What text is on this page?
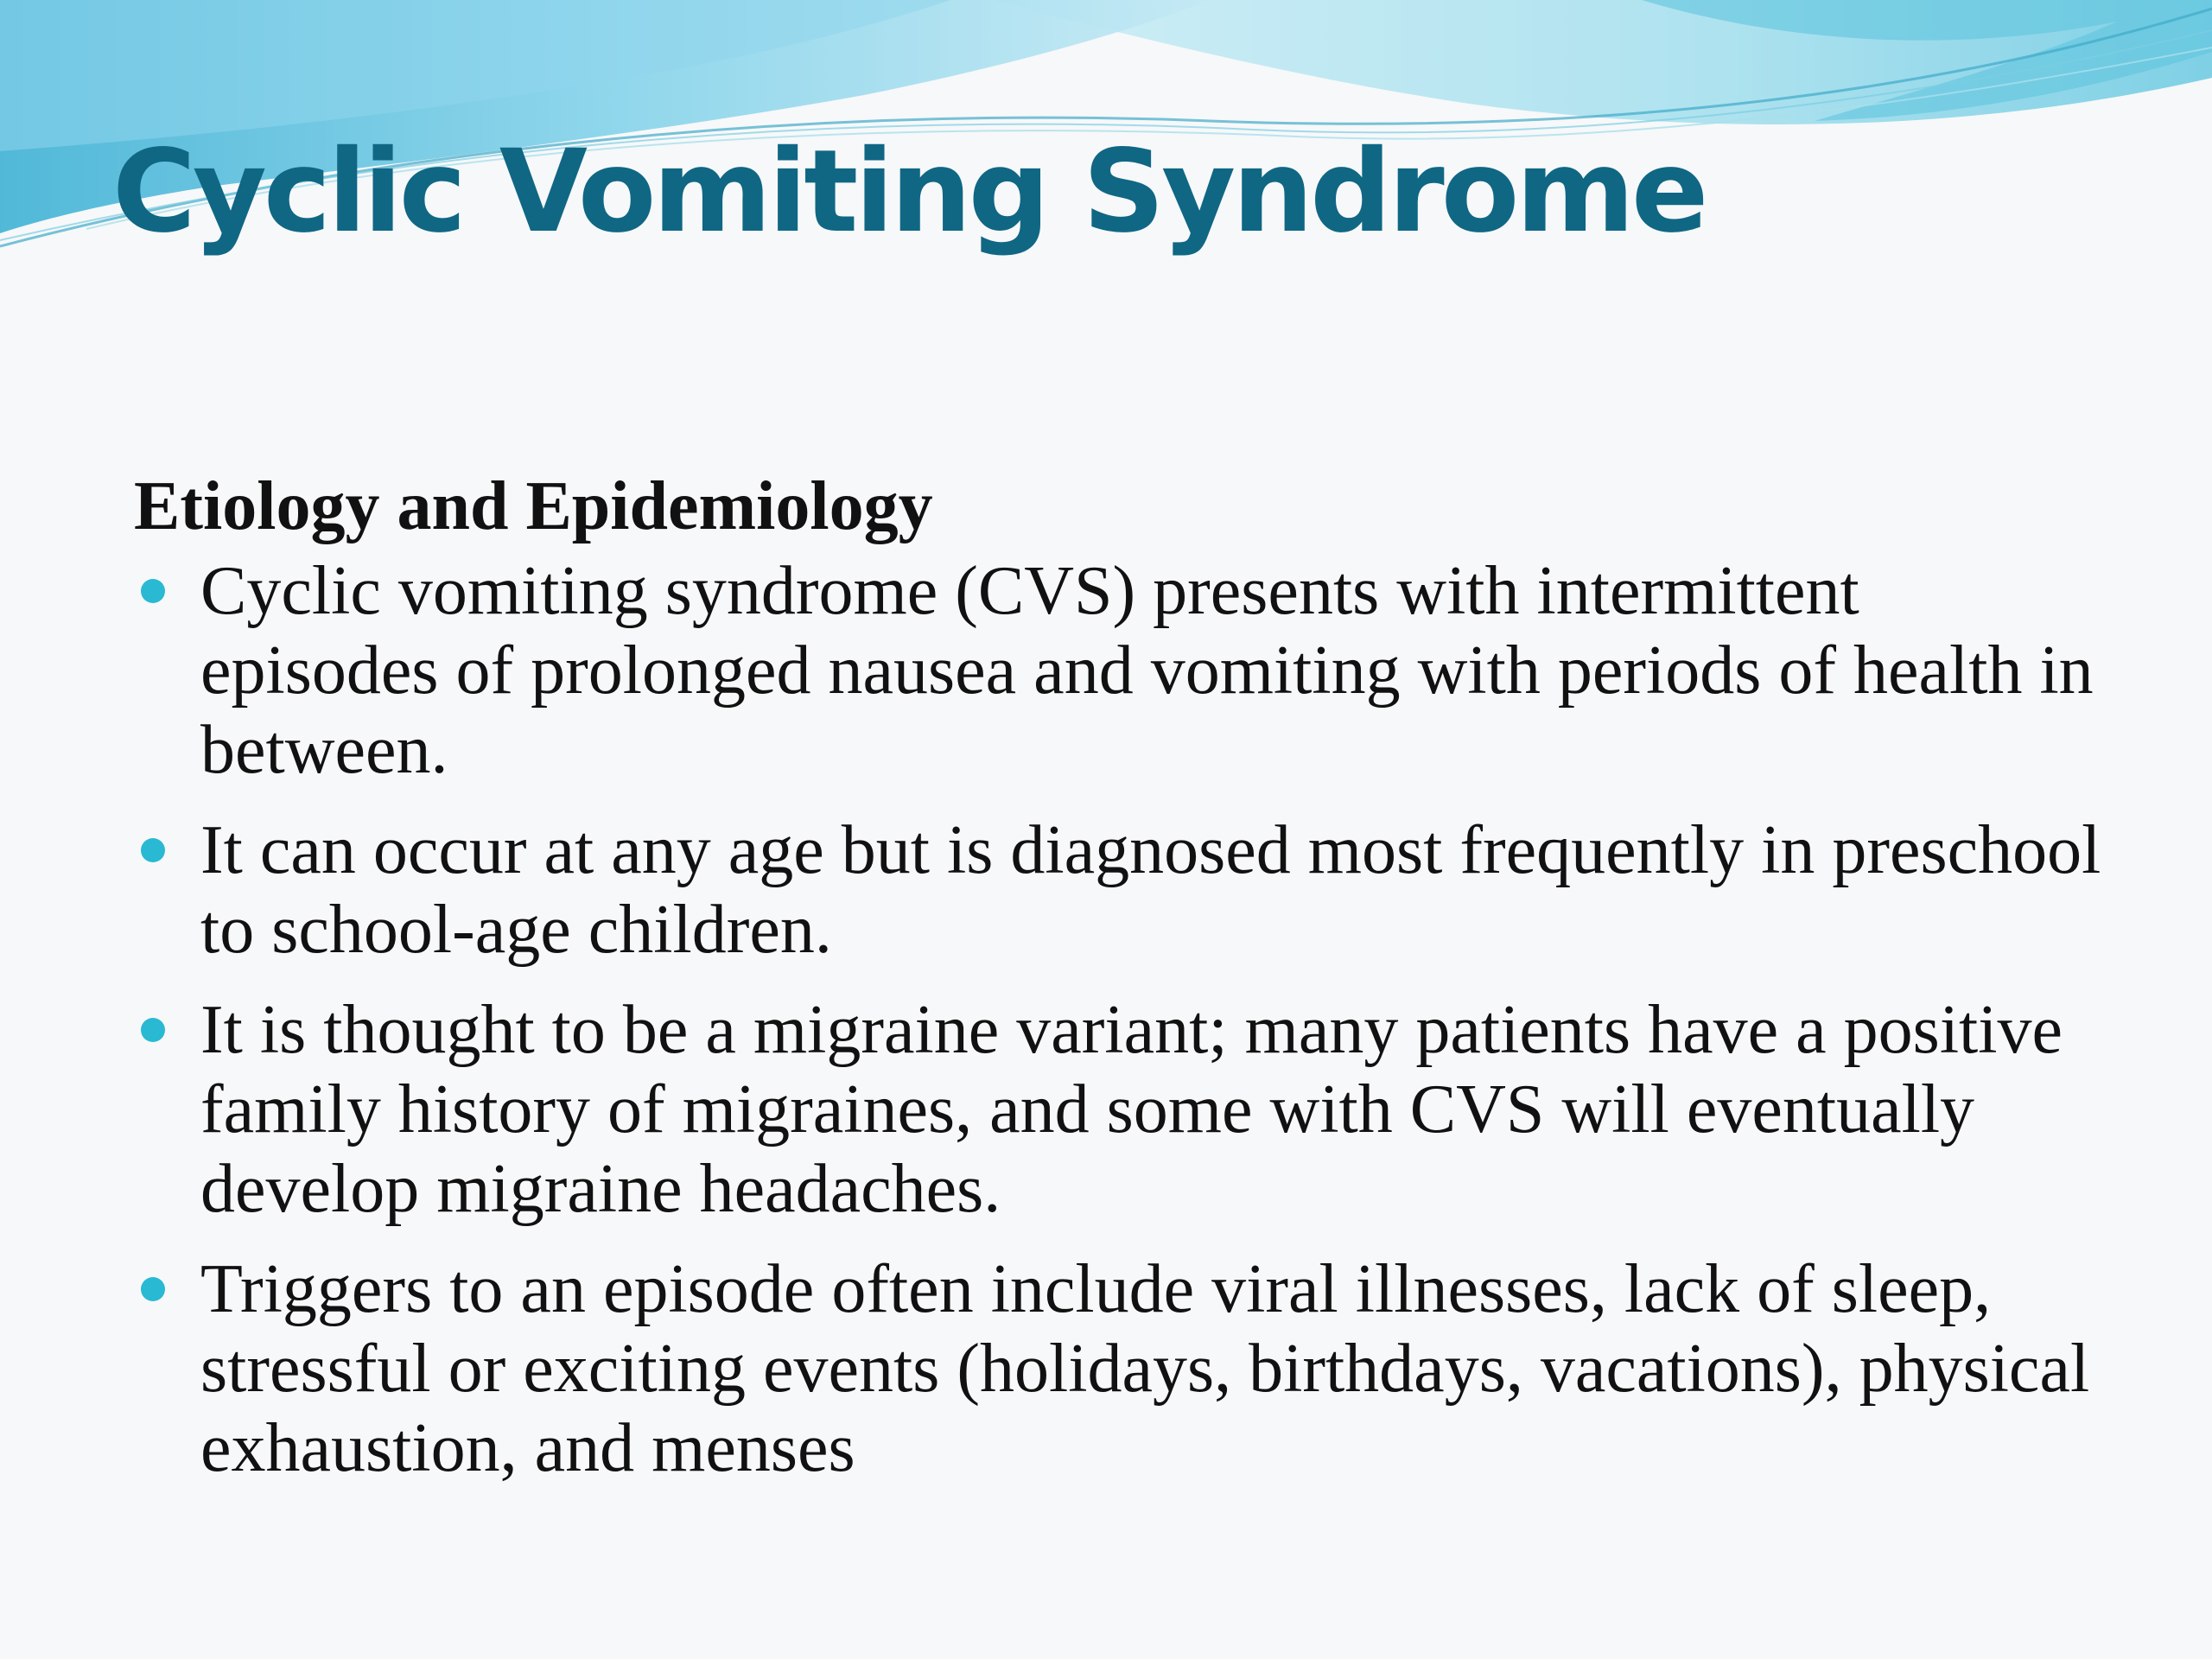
Cyclic Vomiting Syndrome
Etiology and Epidemiology
Cyclic vomiting syndrome (CVS) presents with intermittent episodes of prolonged nausea and vomiting with periods of health in between.
It can occur at any age but is diagnosed most frequently in preschool to school-age children.
It is thought to be a migraine variant; many patients have a positive family history of migraines, and some with CVS will eventually develop migraine headaches.
Triggers to an episode often include viral illnesses, lack of sleep, stressful or exciting events (holidays, birthdays, vacations), physical exhaustion, and menses
